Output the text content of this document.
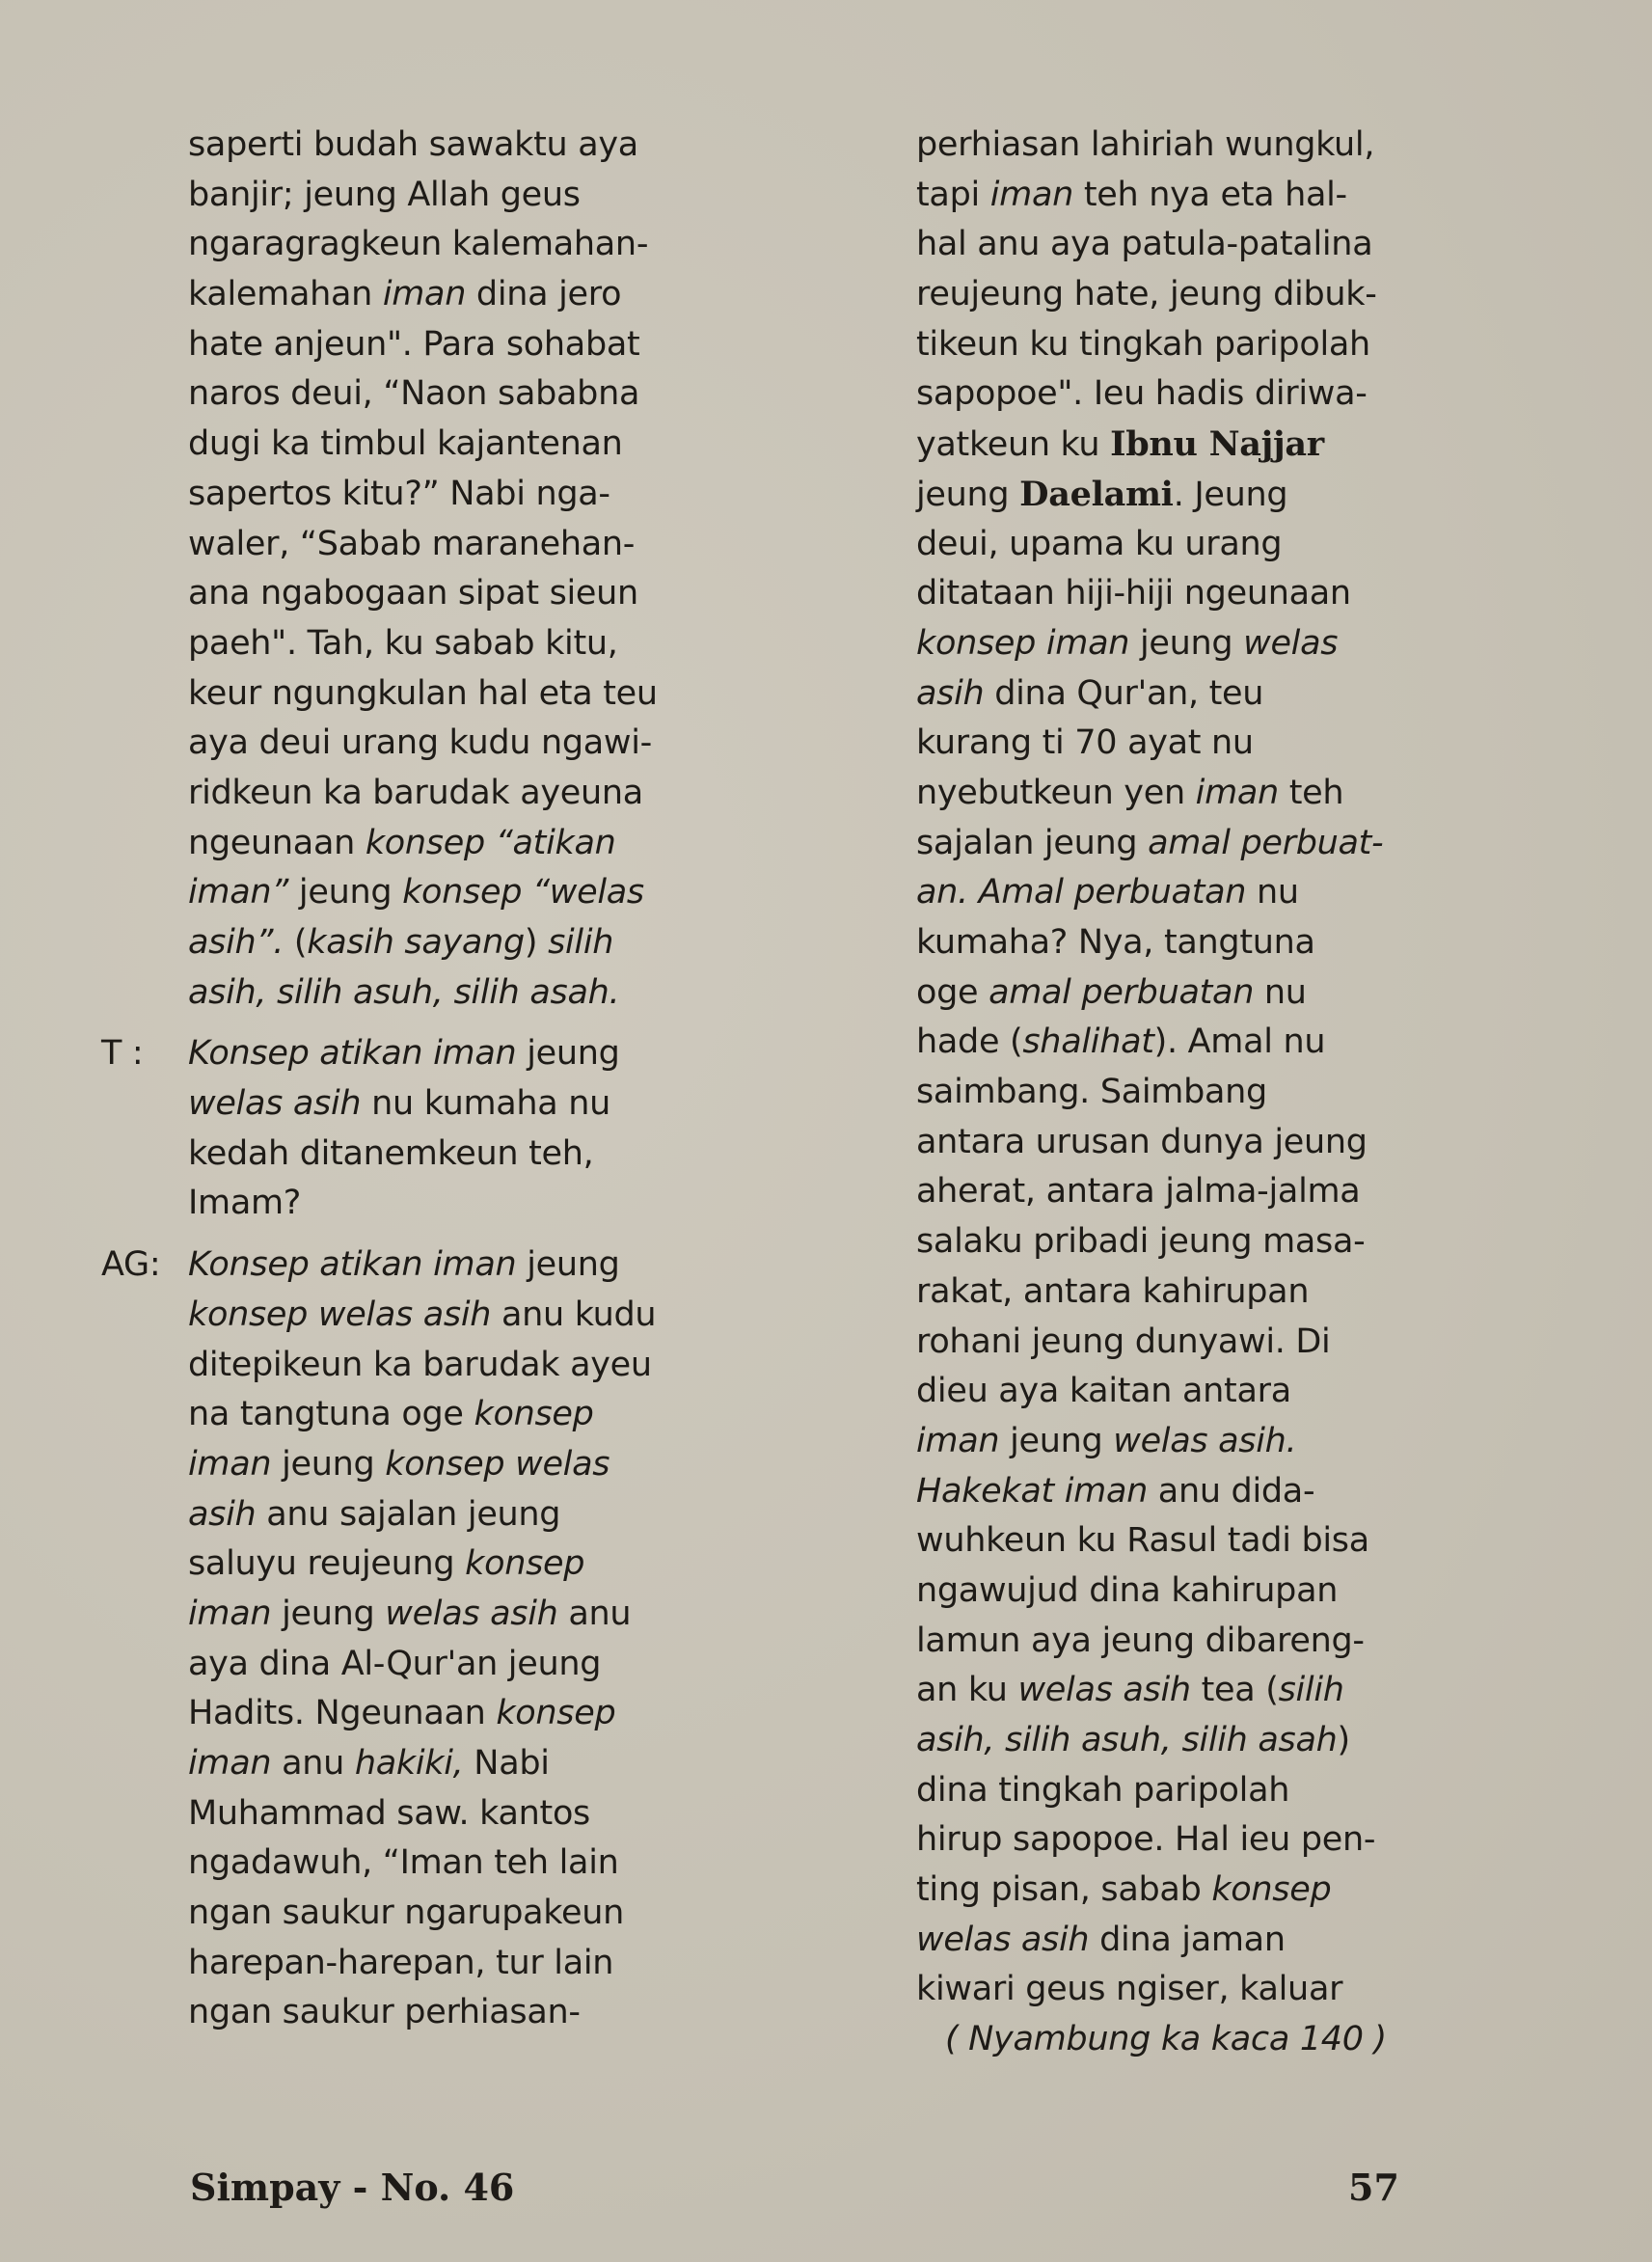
saperti budah sawaktu aya
banjir; jeung Allah geus
ngaragragkeun kalemahan-
kalemahan iman dina jero
hate anjeun". Para sohabat
naros deui, “Naon sababna
dugi ka timbul kajantenan
sapertos kitu?” Nabi nga-
waler, “Sabab maranehan-
ana ngabogaan sipat sieun
paeh". Tah, ku sabab kitu,
keur ngungkulan hal eta teu
aya deui urang kudu ngawi-
ridkeun ka barudak ayeuna
ngeunaan konsep “atikan
iman” jeung konsep “welas
asih”. (kasih sayang) silih
asih, silih asuh, silih asah.
T : Konsep atikan iman jeung
welas asih nu kumaha nu
kedah ditanemkeun teh,
Imam?
AG: Konsep atikan iman jeung
konsep welas asih anu kudu
ditepikeun ka barudak ayeu
na tangtuna oge konsep
iman jeung konsep welas
asih anu sajalan jeung
saluyu reujeung konsep
iman jeung welas asih anu
aya dina Al-Qur'an jeung
Hadits. Ngeunaan konsep
iman anu hakiki, Nabi
Muhammad saw. kantos
ngadawuh, “Iman teh lain
ngan saukur ngarupakeun
harepan-harepan, tur lain
ngan saukur perhiasan-
perhiasan lahiriah wungkul,
tapi iman teh nya eta hal-
hal anu aya patula-patalina
reujeung hate, jeung dibuk-
tikeun ku tingkah paripolah
sapopoe". Ieu hadis diriwa-
yatkeun ku Ibnu Najjar
jeung Daelami. Jeung
deui, upama ku urang
ditataan hiji-hiji ngeunaan
konsep iman jeung welas
asih dina Qur'an, teu
kurang ti 70 ayat nu
nyebutkeun yen iman teh
sajalan jeung amal perbuat-
an. Amal perbuatan nu
kumaha? Nya, tangtuna
oge amal perbuatan nu
hade (shalihat). Amal nu
saimbang. Saimbang
antara urusan dunya jeung
aherat, antara jalma-jalma
salaku pribadi jeung masa-
rakat, antara kahirupan
rohani jeung dunyawi. Di
dieu aya kaitan antara
iman jeung welas asih.
Hakekat iman anu dida-
wuhkeun ku Rasul tadi bisa
ngawujud dina kahirupan
lamun aya jeung dibareng-
an ku welas asih tea (silih
asih, silih asuh, silih asah)
dina tingkah paripolah
hirup sapopoe. Hal ieu pen-
ting pisan, sabab konsep
welas asih dina jaman
kiwari geus ngiser, kaluar
( Nyambung ka kaca 140 )
Simpay - No. 46	57
